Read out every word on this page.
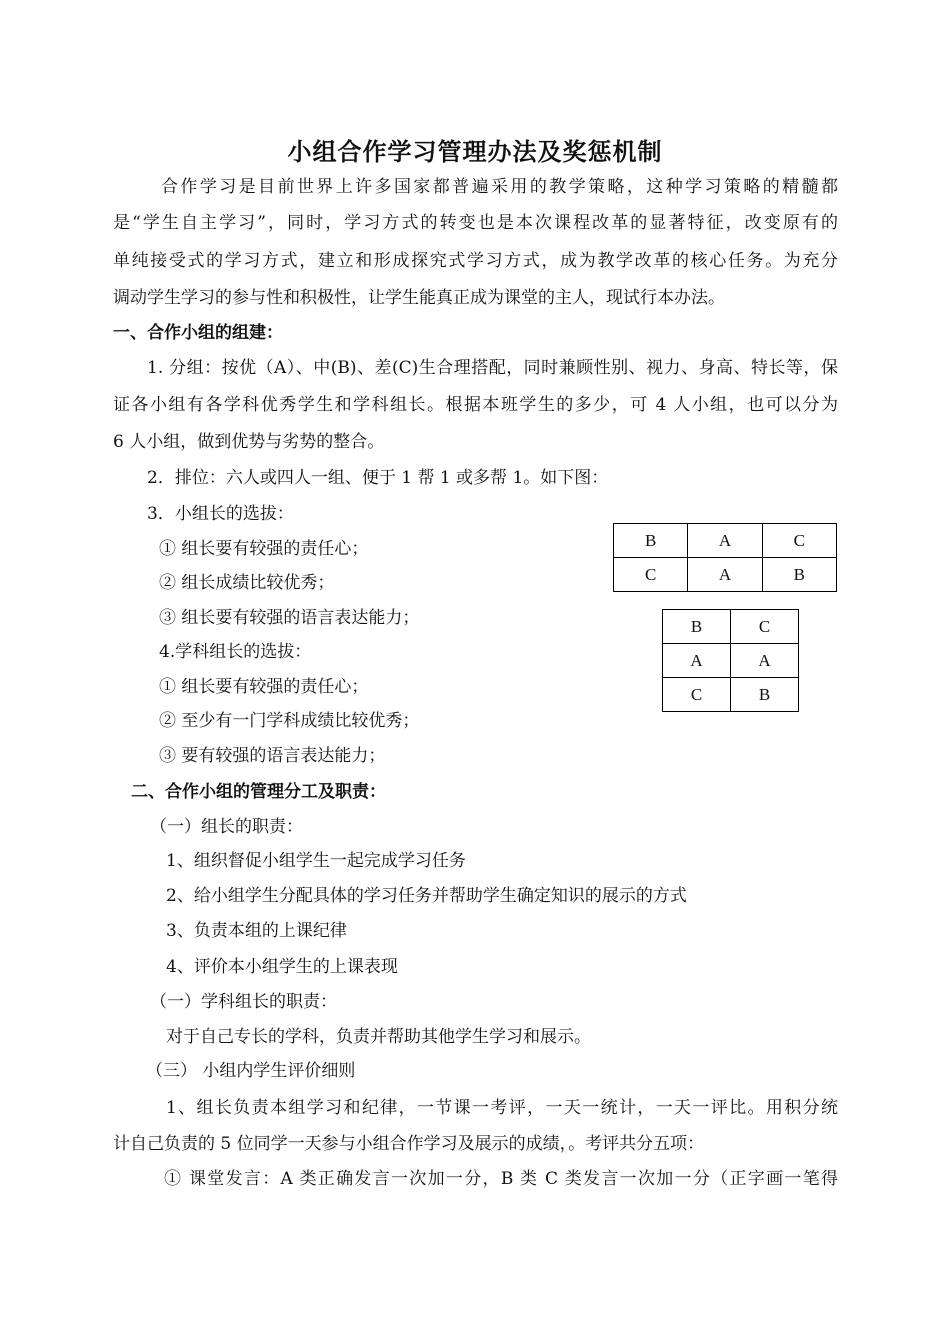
小组合作学习管理办法及奖惩机制
合作学习是目前世界上许多国家都普遍采用的教学策略，这种学习策略的精髓都
是“学生自主学习”，同时，学习方式的转变也是本次课程改革的显著特征，改变原有的
单纯接受式的学习方式，建立和形成探究式学习方式，成为教学改革的核心任务。为充分
调动学生学习的参与性和积极性，让学生能真正成为课堂的主人，现试行本办法。
一、合作小组的组建：
1. 分组：按优（A）、中(B)、差(C)生合理搭配，同时兼顾性别、视力、身高、特长等，保
证各小组有各学科优秀学生和学科组长。根据本班学生的多少，可 4 人小组，也可以分为
6 人小组，做到优势与劣势的整合。
2．排位：六人或四人一组、便于 1 帮 1 或多帮 1。如下图：
3．小组长的选拔：
① 组长要有较强的责任心；
② 组长成绩比较优秀；
③ 组长要有较强的语言表达能力；
4.学科组长的选拔：
① 组长要有较强的责任心；
② 至少有一门学科成绩比较优秀；
③ 要有较强的语言表达能力；
B	A	C
C	A	B
B	C
A	A
C	B
二、合作小组的管理分工及职责：
（一）组长的职责：
1、组织督促小组学生一起完成学习任务
2、给小组学生分配具体的学习任务并帮助学生确定知识的展示的方式
3、负责本组的上课纪律
4、评价本小组学生的上课表现
（一）学科组长的职责：
对于自己专长的学科，负责并帮助其他学生学习和展示。
（三） 小组内学生评价细则
1、组长负责本组学习和纪律，一节课一考评，一天一统计，一天一评比。用积分统
计自己负责的 5 位同学一天参与小组合作学习及展示的成绩，。考评共分五项：
① 课堂发言：A 类正确发言一次加一分，B 类 C 类发言一次加一分（正字画一笔得
